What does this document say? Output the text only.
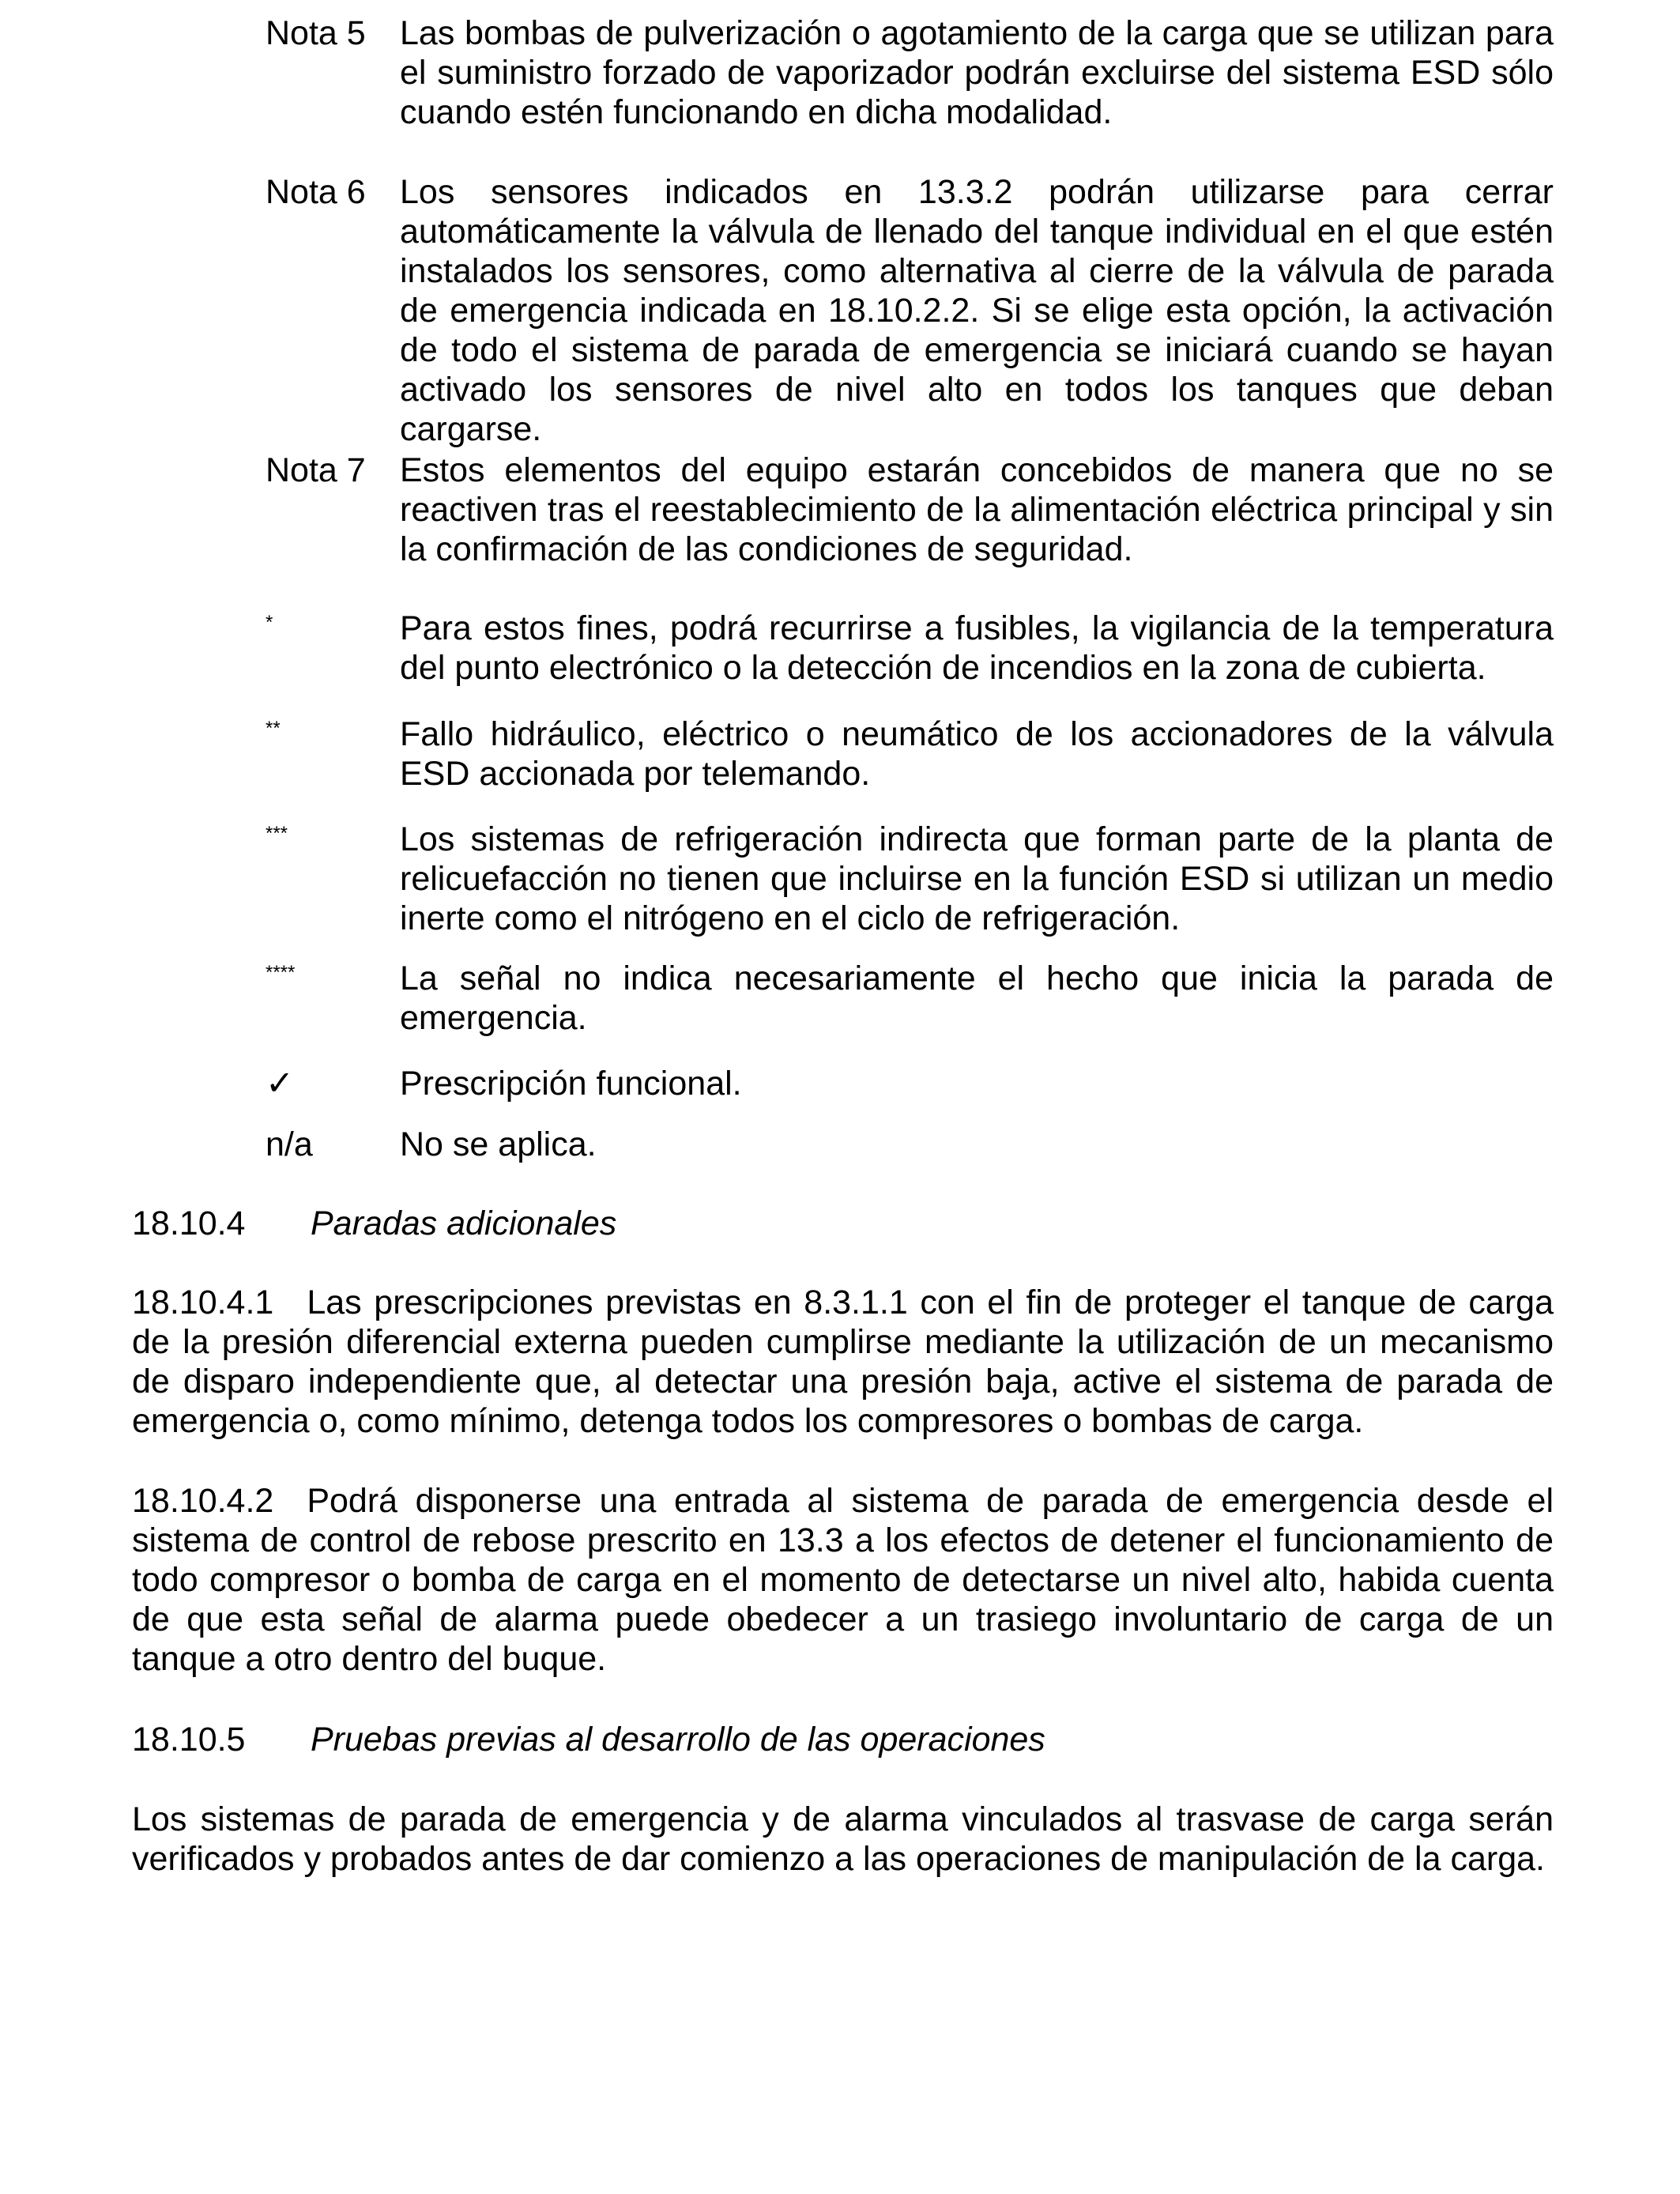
Nota 5 Las bombas de pulverización o agotamiento de la carga que se utilizan para el suministro forzado de vaporizador podrán excluirse del sistema ESD sólo cuando estén funcionando en dicha modalidad.
Nota 6 Los sensores indicados en 13.3.2 podrán utilizarse para cerrar automáticamente la válvula de llenado del tanque individual en el que estén instalados los sensores, como alternativa al cierre de la válvula de parada de emergencia indicada en 18.10.2.2. Si se elige esta opción, la activación de todo el sistema de parada de emergencia se iniciará cuando se hayan activado los sensores de nivel alto en todos los tanques que deban cargarse.
Nota 7 Estos elementos del equipo estarán concebidos de manera que no se reactiven tras el reestablecimiento de la alimentación eléctrica principal y sin la confirmación de las condiciones de seguridad.
*	Para estos fines, podrá recurrirse a fusibles, la vigilancia de la temperatura del punto electrónico o la detección de incendios en la zona de cubierta.
**	Fallo hidráulico, eléctrico o neumático de los accionadores de la válvula ESD accionada por telemando.
***	Los sistemas de refrigeración indirecta que forman parte de la planta de relicuefacción no tienen que incluirse en la función ESD si utilizan un medio inerte como el nitrógeno en el ciclo de refrigeración.
****	La señal no indica necesariamente el hecho que inicia la parada de emergencia.
✓	Prescripción funcional.
n/a	No se aplica.
18.10.4 Paradas adicionales
18.10.4.1 Las prescripciones previstas en 8.3.1.1 con el fin de proteger el tanque de carga de la presión diferencial externa pueden cumplirse mediante la utilización de un mecanismo de disparo independiente que, al detectar una presión baja, active el sistema de parada de emergencia o, como mínimo, detenga todos los compresores o bombas de carga.
18.10.4.2 Podrá disponerse una entrada al sistema de parada de emergencia desde el sistema de control de rebose prescrito en 13.3 a los efectos de detener el funcionamiento de todo compresor o bomba de carga en el momento de detectarse un nivel alto, habida cuenta de que esta señal de alarma puede obedecer a un trasiego involuntario de carga de un tanque a otro dentro del buque.
18.10.5 Pruebas previas al desarrollo de las operaciones
Los sistemas de parada de emergencia y de alarma vinculados al trasvase de carga serán verificados y probados antes de dar comienzo a las operaciones de manipulación de la carga.
